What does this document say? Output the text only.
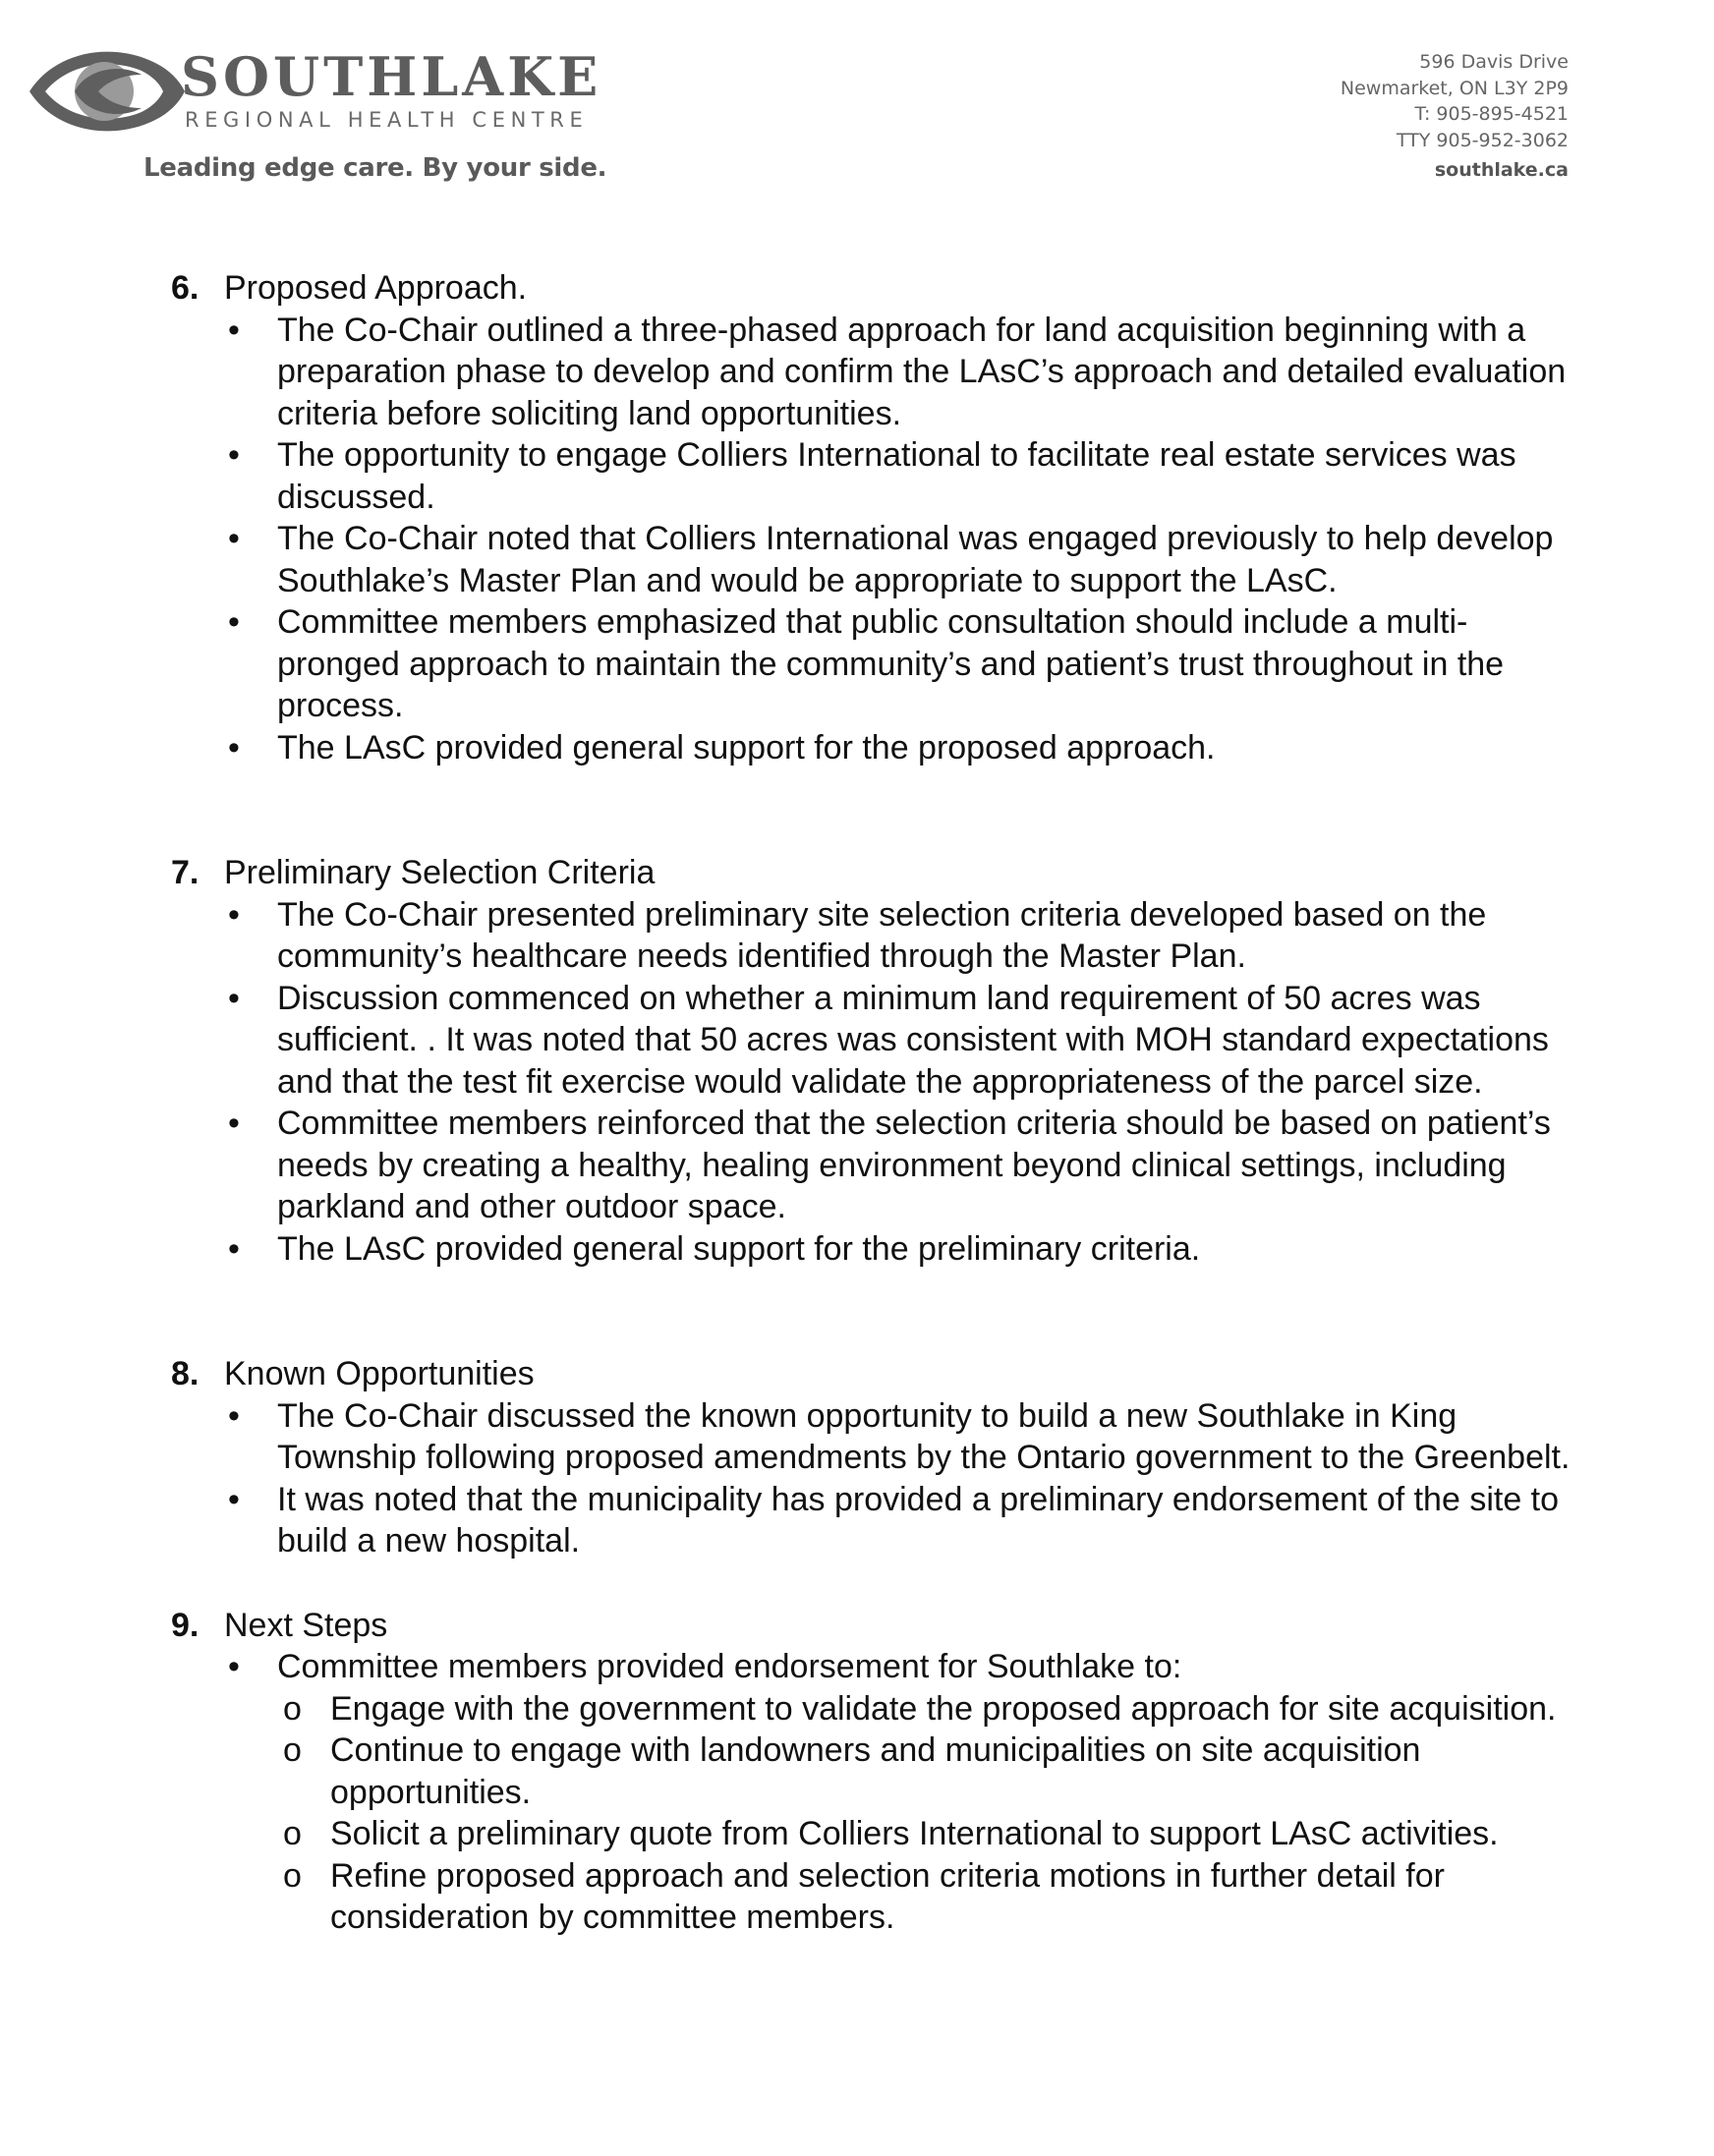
SOUTHLAKE
REGIONAL HEALTH CENTRE
Leading edge care. By your side.
596 Davis Drive
Newmarket, ON L3Y 2P9
T: 905-895-4521
TTY 905-952-3062
southlake.ca
6. Proposed Approach.
• The Co-Chair outlined a three-phased approach for land acquisition beginning with a preparation phase to develop and confirm the LAsC’s approach and detailed evaluation criteria before soliciting land opportunities.
• The opportunity to engage Colliers International to facilitate real estate services was discussed.
• The Co-Chair noted that Colliers International was engaged previously to help develop Southlake’s Master Plan and would be appropriate to support the LAsC.
• Committee members emphasized that public consultation should include a multi-pronged approach to maintain the community’s and patient’s trust throughout in the process.
• The LAsC provided general support for the proposed approach.
7. Preliminary Selection Criteria
• The Co-Chair presented preliminary site selection criteria developed based on the community’s healthcare needs identified through the Master Plan.
• Discussion commenced on whether a minimum land requirement of 50 acres was sufficient. . It was noted that 50 acres was consistent with MOH standard expectations and that the test fit exercise would validate the appropriateness of the parcel size.
• Committee members reinforced that the selection criteria should be based on patient’s needs by creating a healthy, healing environment beyond clinical settings, including parkland and other outdoor space.
• The LAsC provided general support for the preliminary criteria.
8. Known Opportunities
• The Co-Chair discussed the known opportunity to build a new Southlake in King Township following proposed amendments by the Ontario government to the Greenbelt.
• It was noted that the municipality has provided a preliminary endorsement of the site to build a new hospital.
9. Next Steps
• Committee members provided endorsement for Southlake to:
o Engage with the government to validate the proposed approach for site acquisition.
o Continue to engage with landowners and municipalities on site acquisition opportunities.
o Solicit a preliminary quote from Colliers International to support LAsC activities.
o Refine proposed approach and selection criteria motions in further detail for consideration by committee members.
